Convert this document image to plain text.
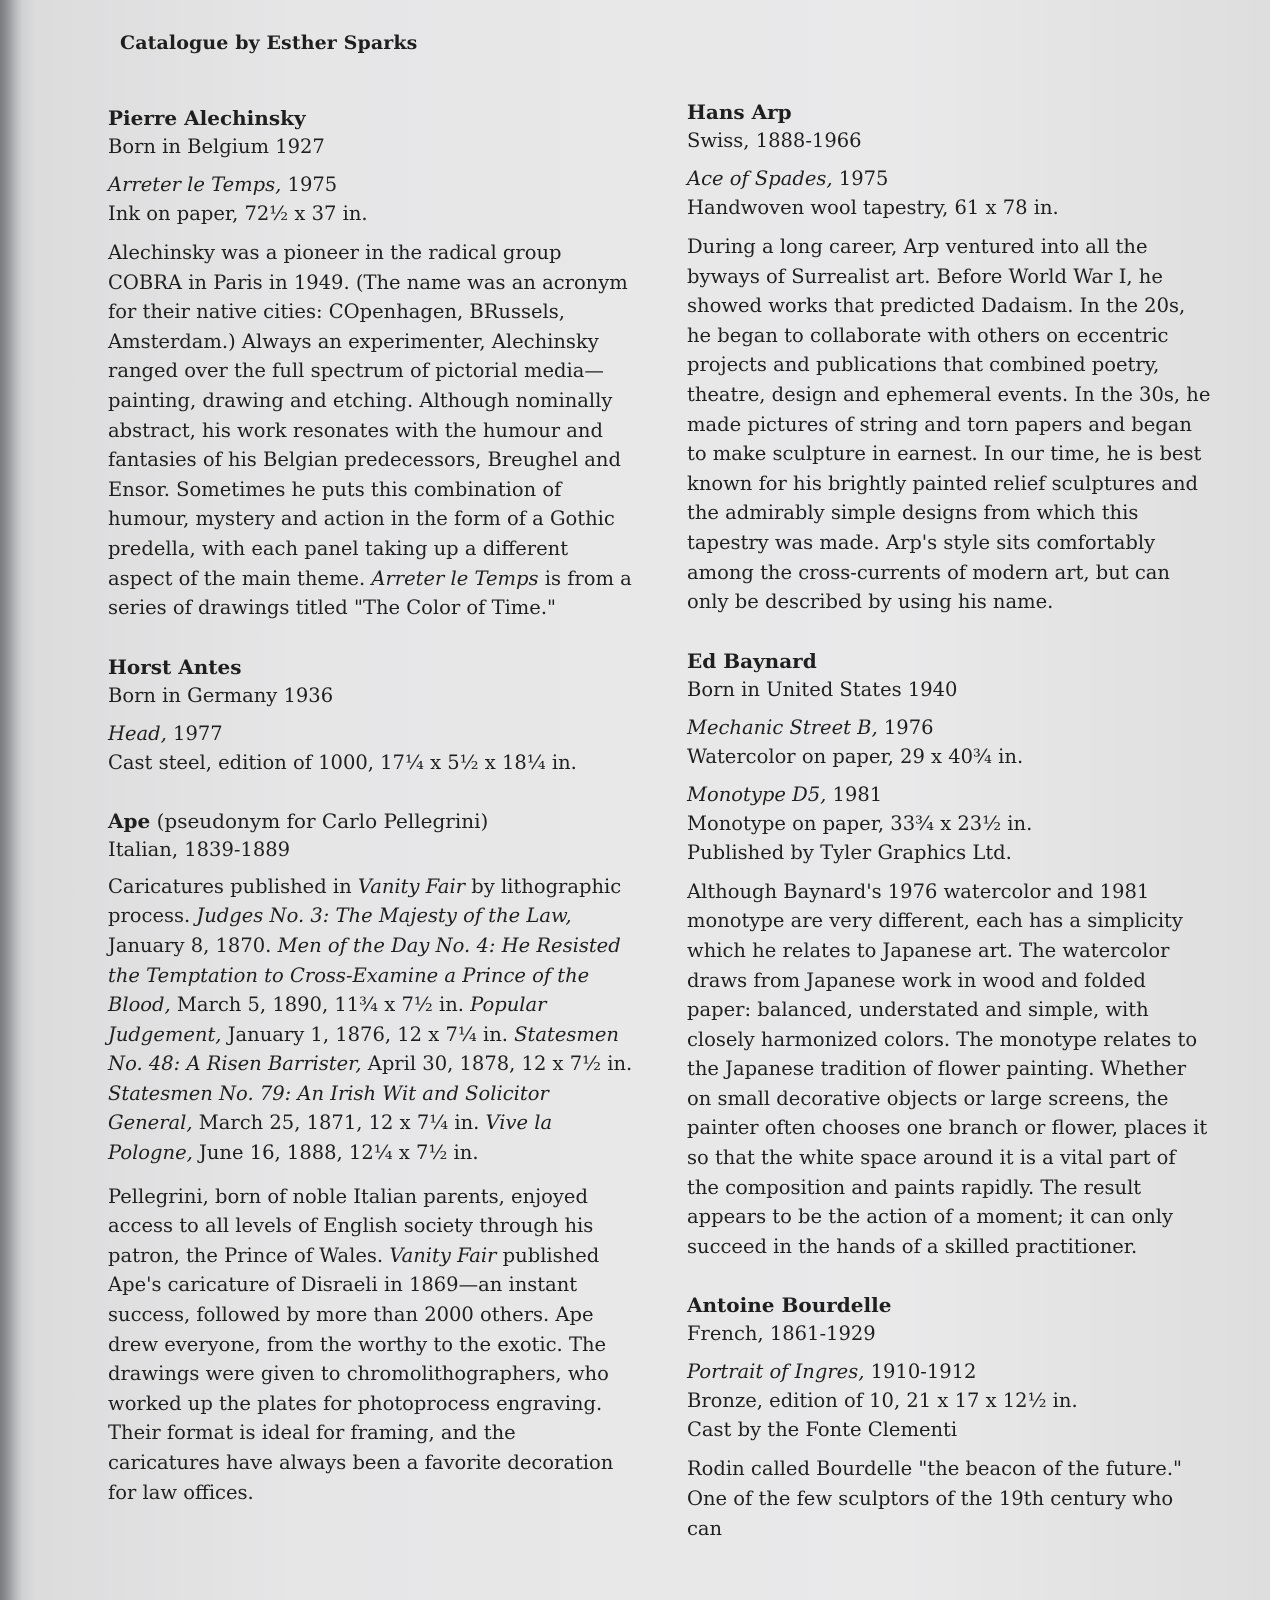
Catalogue by Esther Sparks

Pierre Alechinsky

Born in Belgium 1927

Arreter le Temps, 1975

Ink on paper, 72½ x 37 in.

Alechinsky was a pioneer in the radical group COBRA in Paris in 1949. (The name was an acronym for their native cities: COpenhagen, BRussels, Amsterdam.) Always an experimenter, Alechinsky ranged over the full spectrum of pictorial media—painting, drawing and etching. Although nominally abstract, his work resonates with the humour and fantasies of his Belgian predecessors, Breughel and Ensor. Sometimes he puts this combination of humour, mystery and action in the form of a Gothic predella, with each panel taking up a different aspect of the main theme. Arreter le Temps is from a series of drawings titled "The Color of Time."

Horst Antes

Born in Germany 1936

Head, 1977

Cast steel, edition of 1000, 17¼ x 5½ x 18¼ in.

Ape (pseudonym for Carlo Pellegrini)

Italian, 1839-1889

Caricatures published in Vanity Fair by lithographic process. Judges No. 3: The Majesty of the Law, January 8, 1870. Men of the Day No. 4: He Resisted the Temptation to Cross-Examine a Prince of the Blood, March 5, 1890, 11¾ x 7½ in. Popular Judgement, January 1, 1876, 12 x 7¼ in. Statesmen No. 48: A Risen Barrister, April 30, 1878, 12 x 7½ in. Statesmen No. 79: An Irish Wit and Solicitor General, March 25, 1871, 12 x 7¼ in. Vive la Pologne, June 16, 1888, 12¼ x 7½ in.

Pellegrini, born of noble Italian parents, enjoyed access to all levels of English society through his patron, the Prince of Wales. Vanity Fair published Ape's caricature of Disraeli in 1869—an instant success, followed by more than 2000 others. Ape drew everyone, from the worthy to the exotic. The drawings were given to chromolithographers, who worked up the plates for photoprocess engraving. Their format is ideal for framing, and the caricatures have always been a favorite decoration for law offices.

Hans Arp

Swiss, 1888-1966

Ace of Spades, 1975

Handwoven wool tapestry, 61 x 78 in.

During a long career, Arp ventured into all the byways of Surrealist art. Before World War I, he showed works that predicted Dadaism. In the 20s, he began to collaborate with others on eccentric projects and publications that combined poetry, theatre, design and ephemeral events. In the 30s, he made pictures of string and torn papers and began to make sculpture in earnest. In our time, he is best known for his brightly painted relief sculptures and the admirably simple designs from which this tapestry was made. Arp's style sits comfortably among the cross-currents of modern art, but can only be described by using his name.

Ed Baynard

Born in United States 1940

Mechanic Street B, 1976

Watercolor on paper, 29 x 40¾ in.

Monotype D5, 1981

Monotype on paper, 33¾ x 23½ in.

Published by Tyler Graphics Ltd.

Although Baynard's 1976 watercolor and 1981 monotype are very different, each has a simplicity which he relates to Japanese art. The watercolor draws from Japanese work in wood and folded paper: balanced, understated and simple, with closely harmonized colors. The monotype relates to the Japanese tradition of flower painting. Whether on small decorative objects or large screens, the painter often chooses one branch or flower, places it so that the white space around it is a vital part of the composition and paints rapidly. The result appears to be the action of a moment; it can only succeed in the hands of a skilled practitioner.

Antoine Bourdelle

French, 1861-1929

Portrait of Ingres, 1910-1912

Bronze, edition of 10, 21 x 17 x 12½ in.

Cast by the Fonte Clementi

Rodin called Bourdelle "the beacon of the future." One of the few sculptors of the 19th century who can
